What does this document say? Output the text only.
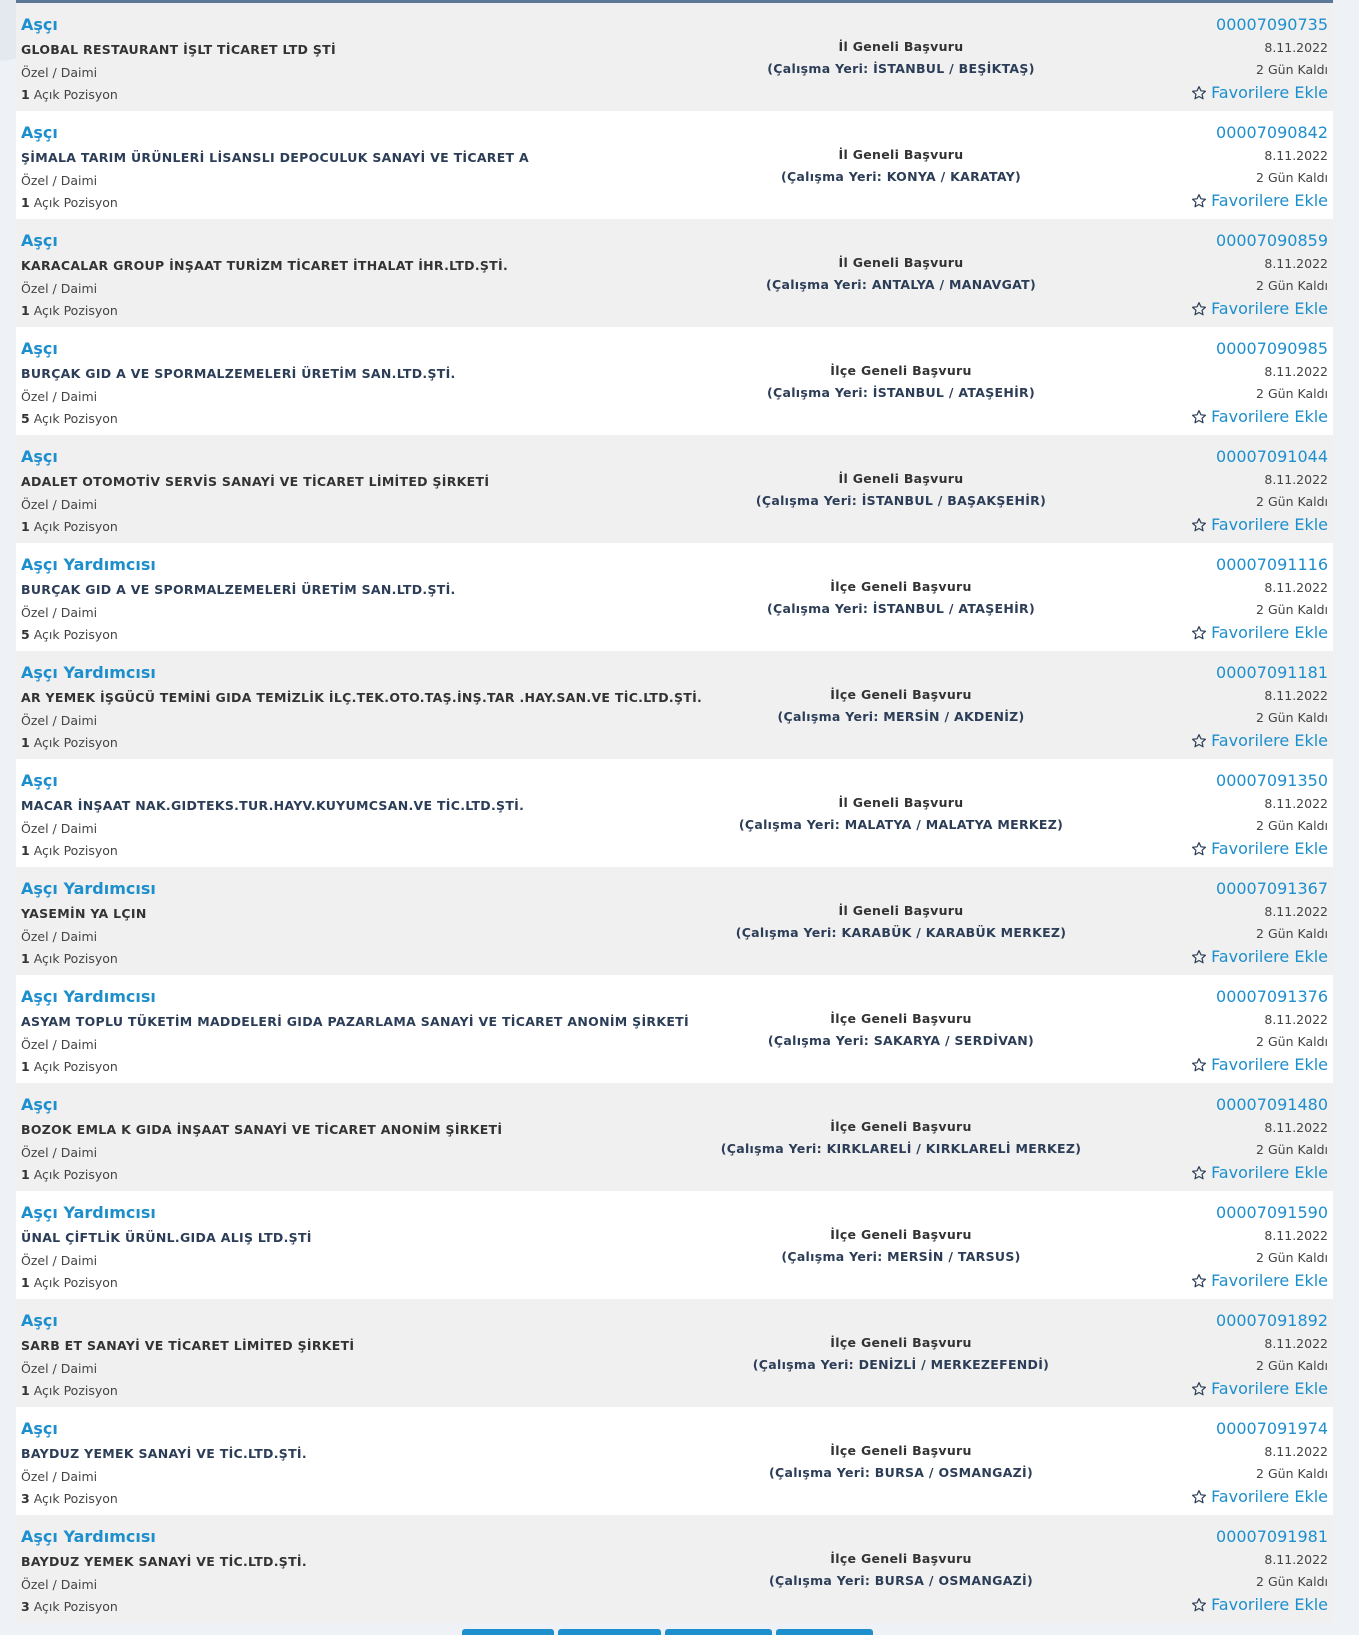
Aşçı
GLOBAL RESTAURANT İŞLT TİCARET LTD ŞTİ
Özel / Daimi
1 Açık Pozisyon
İl Geneli Başvuru
(Çalışma Yeri: İSTANBUL / BEŞİKTAŞ)
00007090735
8.11.2022
2 Gün Kaldı
Favorilere Ekle
Aşçı
ŞİMALA TARIM ÜRÜNLERİ LİSANSLI DEPOCULUK SANAYİ VE TİCARET A
Özel / Daimi
1 Açık Pozisyon
İl Geneli Başvuru
(Çalışma Yeri: KONYA / KARATAY)
00007090842
8.11.2022
2 Gün Kaldı
Favorilere Ekle
Aşçı
KARACALAR GROUP İNŞAAT TURİZM TİCARET İTHALAT İHR.LTD.ŞTİ.
Özel / Daimi
1 Açık Pozisyon
İl Geneli Başvuru
(Çalışma Yeri: ANTALYA / MANAVGAT)
00007090859
8.11.2022
2 Gün Kaldı
Favorilere Ekle
Aşçı
BURÇAK GID A VE SPORMALZEMELERİ ÜRETİM SAN.LTD.ŞTİ.
Özel / Daimi
5 Açık Pozisyon
İlçe Geneli Başvuru
(Çalışma Yeri: İSTANBUL / ATAŞEHİR)
00007090985
8.11.2022
2 Gün Kaldı
Favorilere Ekle
Aşçı
ADALET OTOMOTİV SERVİS SANAYİ VE TİCARET LİMİTED ŞİRKETİ
Özel / Daimi
1 Açık Pozisyon
İl Geneli Başvuru
(Çalışma Yeri: İSTANBUL / BAŞAKŞEHİR)
00007091044
8.11.2022
2 Gün Kaldı
Favorilere Ekle
Aşçı Yardımcısı
BURÇAK GID A VE SPORMALZEMELERİ ÜRETİM SAN.LTD.ŞTİ.
Özel / Daimi
5 Açık Pozisyon
İlçe Geneli Başvuru
(Çalışma Yeri: İSTANBUL / ATAŞEHİR)
00007091116
8.11.2022
2 Gün Kaldı
Favorilere Ekle
Aşçı Yardımcısı
AR YEMEK İŞGÜCÜ TEMİNİ GIDA TEMİZLİK İLÇ.TEK.OTO.TAŞ.İNŞ.TAR .HAY.SAN.VE TİC.LTD.ŞTİ.
Özel / Daimi
1 Açık Pozisyon
İlçe Geneli Başvuru
(Çalışma Yeri: MERSİN / AKDENİZ)
00007091181
8.11.2022
2 Gün Kaldı
Favorilere Ekle
Aşçı
MACAR İNŞAAT NAK.GIDTEKS.TUR.HAYV.KUYUMCSAN.VE TİC.LTD.ŞTİ.
Özel / Daimi
1 Açık Pozisyon
İl Geneli Başvuru
(Çalışma Yeri: MALATYA / MALATYA MERKEZ)
00007091350
8.11.2022
2 Gün Kaldı
Favorilere Ekle
Aşçı Yardımcısı
YASEMİN YA LÇIN
Özel / Daimi
1 Açık Pozisyon
İl Geneli Başvuru
(Çalışma Yeri: KARABÜK / KARABÜK MERKEZ)
00007091367
8.11.2022
2 Gün Kaldı
Favorilere Ekle
Aşçı Yardımcısı
ASYAM TOPLU TÜKETİM MADDELERİ GIDA PAZARLAMA SANAYİ VE TİCARET ANONİM ŞİRKETİ
Özel / Daimi
1 Açık Pozisyon
İlçe Geneli Başvuru
(Çalışma Yeri: SAKARYA / SERDİVAN)
00007091376
8.11.2022
2 Gün Kaldı
Favorilere Ekle
Aşçı
BOZOK EMLA K GIDA İNŞAAT SANAYİ VE TİCARET ANONİM ŞİRKETİ
Özel / Daimi
1 Açık Pozisyon
İlçe Geneli Başvuru
(Çalışma Yeri: KIRKLARELİ / KIRKLARELİ MERKEZ)
00007091480
8.11.2022
2 Gün Kaldı
Favorilere Ekle
Aşçı Yardımcısı
ÜNAL ÇİFTLİK ÜRÜNL.GIDA ALIŞ LTD.ŞTİ
Özel / Daimi
1 Açık Pozisyon
İlçe Geneli Başvuru
(Çalışma Yeri: MERSİN / TARSUS)
00007091590
8.11.2022
2 Gün Kaldı
Favorilere Ekle
Aşçı
SARB ET SANAYİ VE TİCARET LİMİTED ŞİRKETİ
Özel / Daimi
1 Açık Pozisyon
İlçe Geneli Başvuru
(Çalışma Yeri: DENİZLİ / MERKEZEFENDİ)
00007091892
8.11.2022
2 Gün Kaldı
Favorilere Ekle
Aşçı
BAYDUZ YEMEK SANAYİ VE TİC.LTD.ŞTİ.
Özel / Daimi
3 Açık Pozisyon
İlçe Geneli Başvuru
(Çalışma Yeri: BURSA / OSMANGAZİ)
00007091974
8.11.2022
2 Gün Kaldı
Favorilere Ekle
Aşçı Yardımcısı
BAYDUZ YEMEK SANAYİ VE TİC.LTD.ŞTİ.
Özel / Daimi
3 Açık Pozisyon
İlçe Geneli Başvuru
(Çalışma Yeri: BURSA / OSMANGAZİ)
00007091981
8.11.2022
2 Gün Kaldı
Favorilere Ekle
